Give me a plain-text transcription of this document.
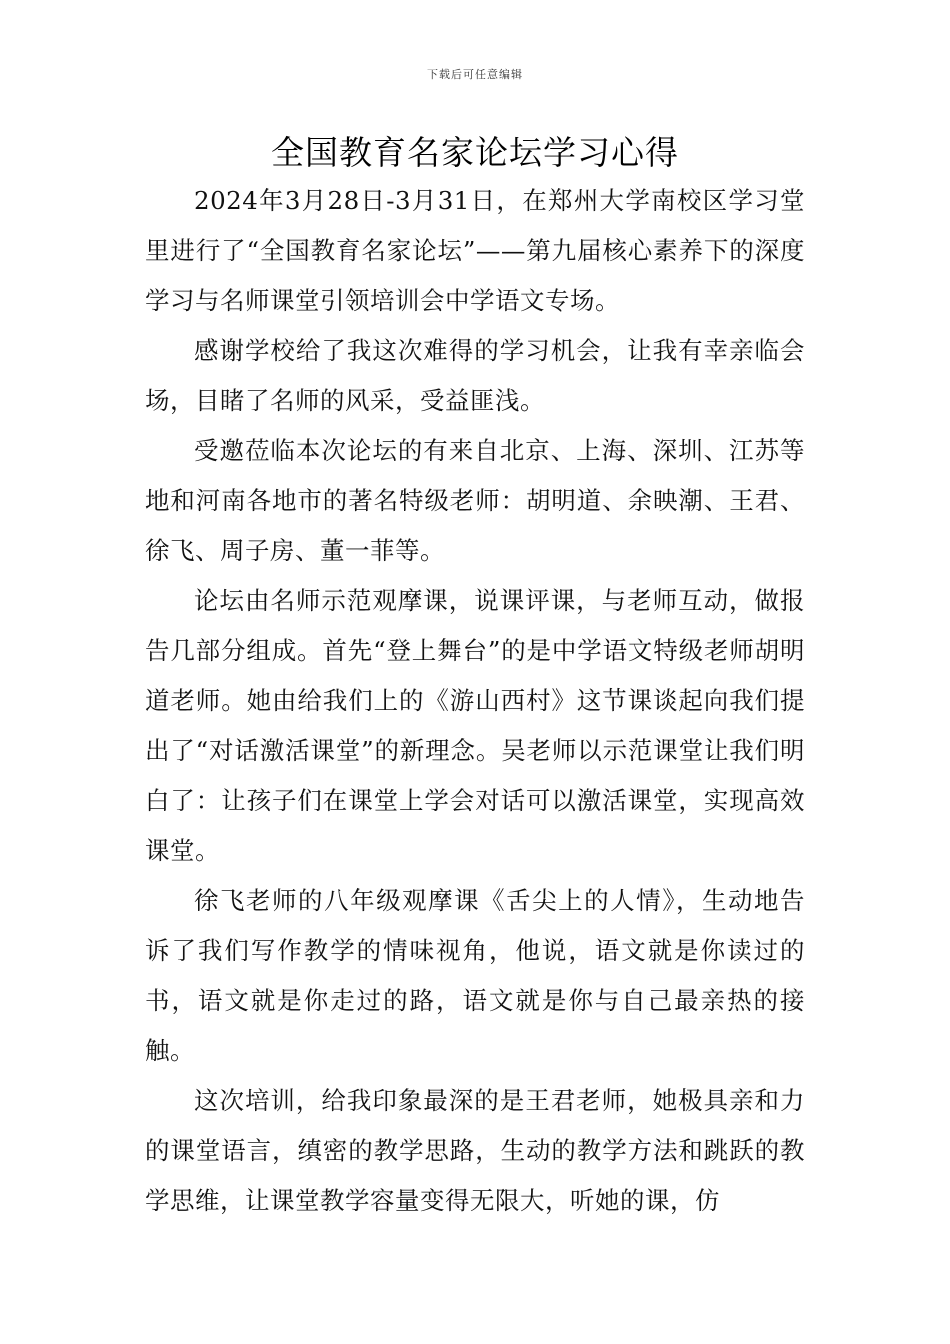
下载后可任意编辑
全国教育名家论坛学习心得

2024年3月28日-3月31日，在郑州大学南校区学习堂里进行了“全国教育名家论坛”——第九届核心素养下的深度学习与名师课堂引领培训会中学语文专场。

感谢学校给了我这次难得的学习机会，让我有幸亲临会场，目睹了名师的风采，受益匪浅。

受邀莅临本次论坛的有来自北京、上海、深圳、江苏等地和河南各地市的著名特级老师：胡明道、余映潮、王君、徐飞、周子房、董一菲等。

论坛由名师示范观摩课，说课评课，与老师互动，做报告几部分组成。首先“登上舞台”的是中学语文特级老师胡明道老师。她由给我们上的《游山西村》这节课谈起向我们提出了“对话激活课堂”的新理念。吴老师以示范课堂让我们明白了：让孩子们在课堂上学会对话可以激活课堂，实现高效课堂。

徐飞老师的八年级观摩课《舌尖上的人情》，生动地告诉了我们写作教学的情味视角，他说，语文就是你读过的书，语文就是你走过的路，语文就是你与自己最亲热的接触。

这次培训，给我印象最深的是王君老师，她极具亲和力的课堂语言，缜密的教学思路，生动的教学方法和跳跃的教学思维，让课堂教学容量变得无限大，听她的课，仿
